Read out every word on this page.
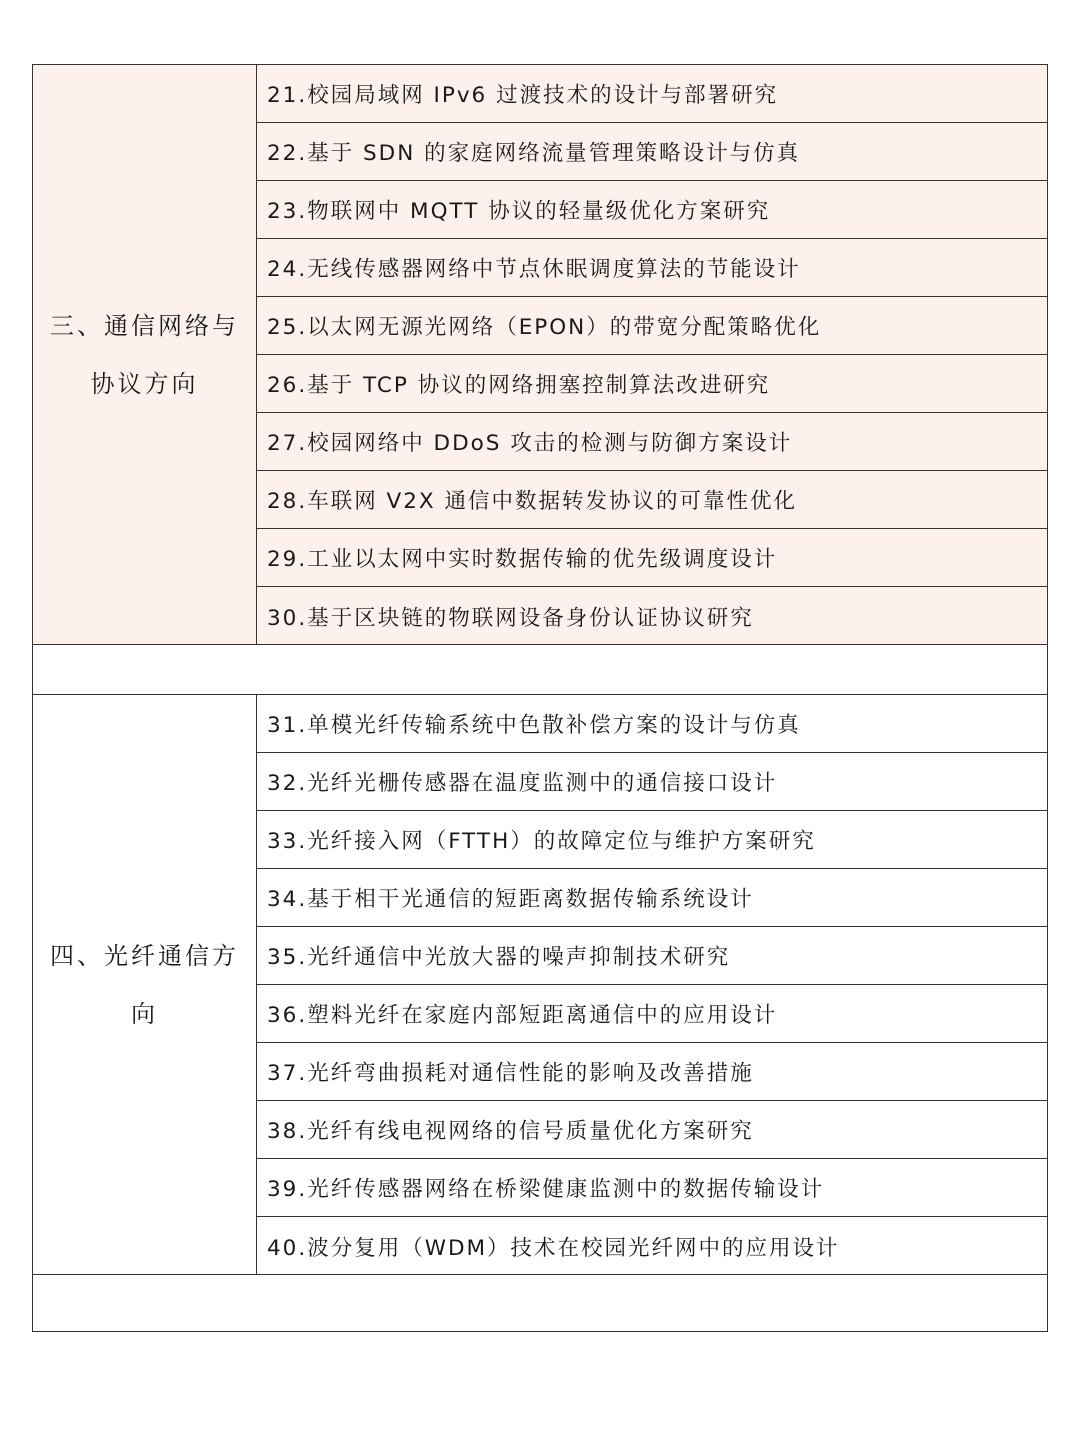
三、通信网络与
协议方向
21.校园局域网 IPv6 过渡技术的设计与部署研究
22.基于 SDN 的家庭网络流量管理策略设计与仿真
23.物联网中 MQTT 协议的轻量级优化方案研究
24.无线传感器网络中节点休眠调度算法的节能设计
25.以太网无源光网络（EPON）的带宽分配策略优化
26.基于 TCP 协议的网络拥塞控制算法改进研究
27.校园网络中 DDoS 攻击的检测与防御方案设计
28.车联网 V2X 通信中数据转发协议的可靠性优化
29.工业以太网中实时数据传输的优先级调度设计
30.基于区块链的物联网设备身份认证协议研究
四、光纤通信方
向
31.单模光纤传输系统中色散补偿方案的设计与仿真
32.光纤光栅传感器在温度监测中的通信接口设计
33.光纤接入网（FTTH）的故障定位与维护方案研究
34.基于相干光通信的短距离数据传输系统设计
35.光纤通信中光放大器的噪声抑制技术研究
36.塑料光纤在家庭内部短距离通信中的应用设计
37.光纤弯曲损耗对通信性能的影响及改善措施
38.光纤有线电视网络的信号质量优化方案研究
39.光纤传感器网络在桥梁健康监测中的数据传输设计
40.波分复用（WDM）技术在校园光纤网中的应用设计
